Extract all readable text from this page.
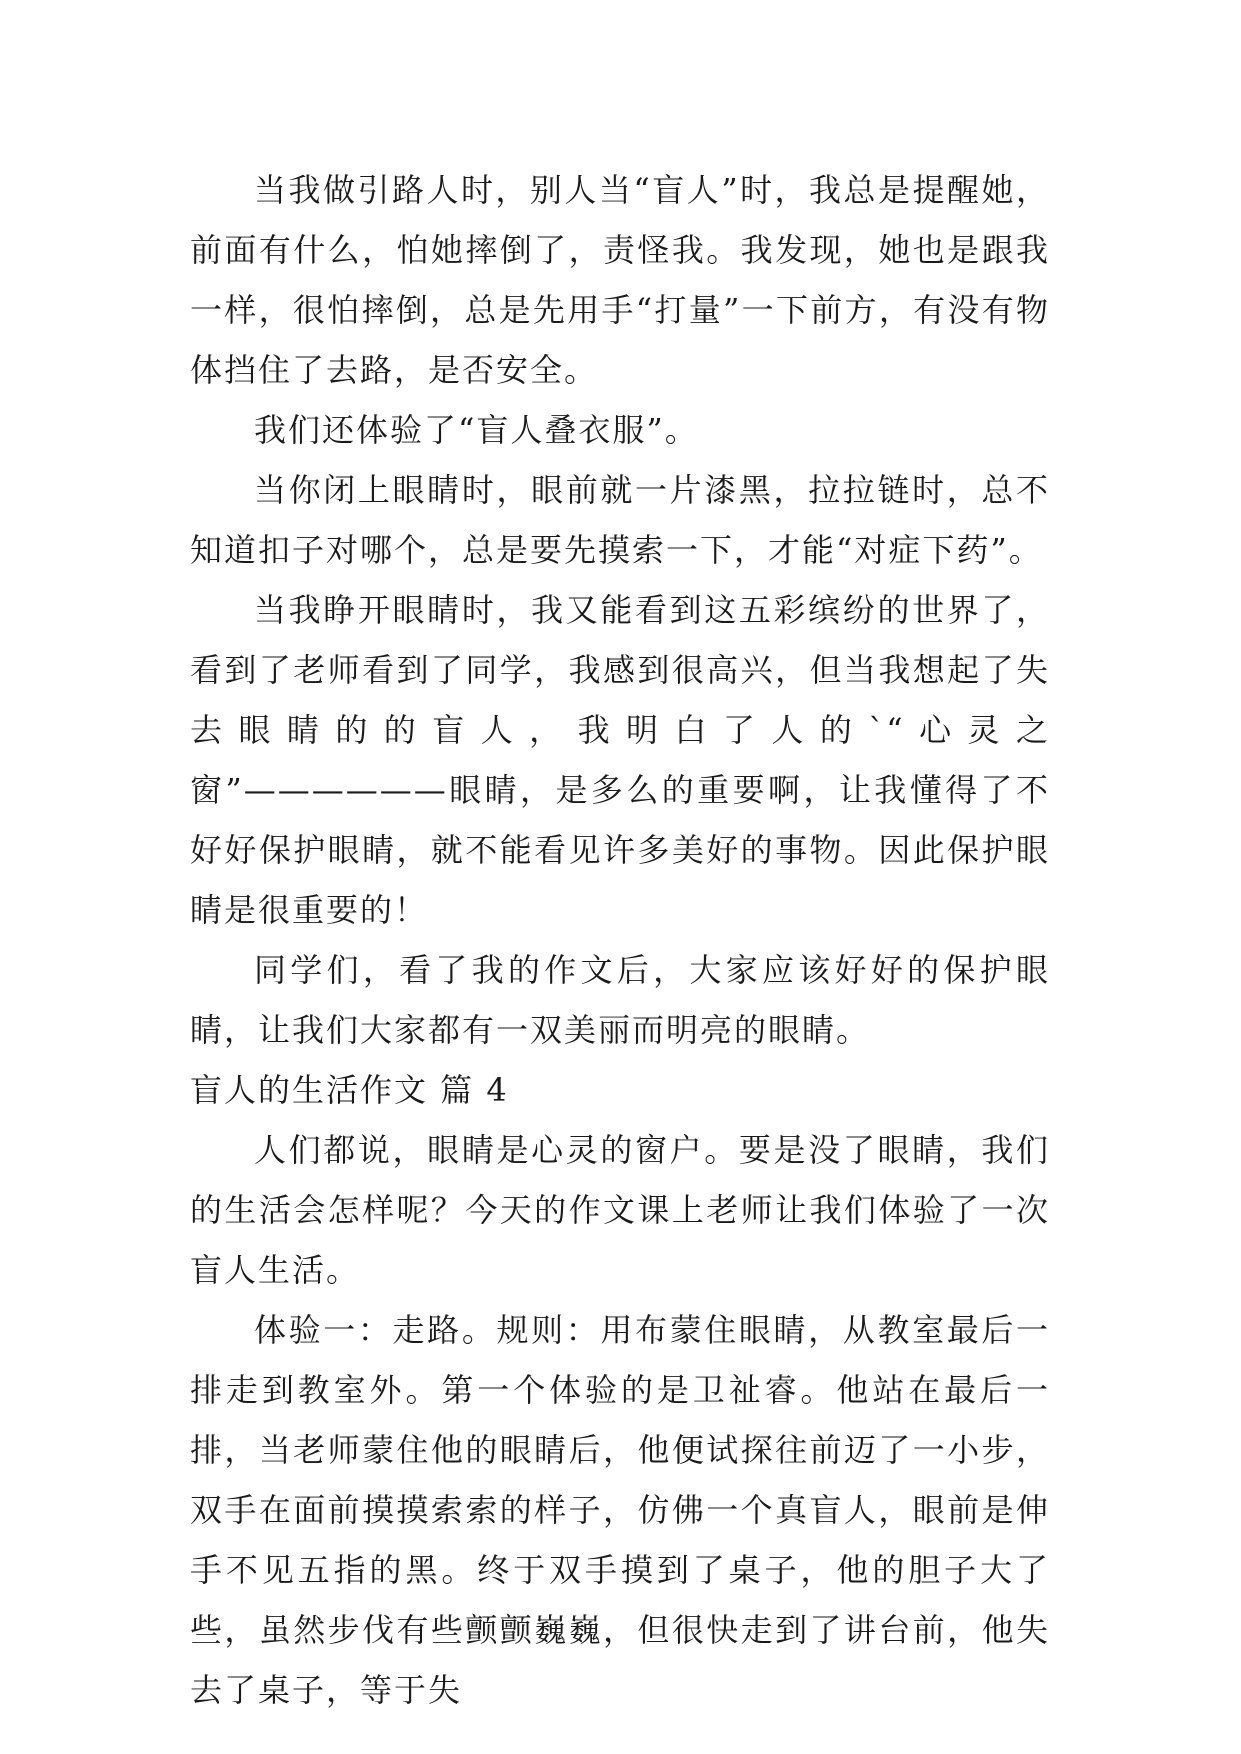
当我做引路人时，别人当“盲人”时，我总是提醒她，前面有什么，怕她摔倒了，责怪我。我发现，她也是跟我一样，很怕摔倒，总是先用手“打量”一下前方，有没有物体挡住了去路，是否安全。

我们还体验了“盲人叠衣服”。

当你闭上眼睛时，眼前就一片漆黑，拉拉链时，总不知道扣子对哪个，总是要先摸索一下，才能“对症下药”。

当我睁开眼睛时，我又能看到这五彩缤纷的世界了，看到了老师看到了同学，我感到很高兴，但当我想起了失去眼睛的的盲人，我明白了人的`“心灵之窗”——————眼睛，是多么的重要啊，让我懂得了不好好保护眼睛，就不能看见许多美好的事物。因此保护眼睛是很重要的！

同学们，看了我的作文后，大家应该好好的保护眼睛，让我们大家都有一双美丽而明亮的眼睛。

盲人的生活作文 篇 4

人们都说，眼睛是心灵的窗户。要是没了眼睛，我们的生活会怎样呢？今天的作文课上老师让我们体验了一次盲人生活。

体验一：走路。规则：用布蒙住眼睛，从教室最后一排走到教室外。第一个体验的是卫祉睿。他站在最后一排，当老师蒙住他的眼睛后，他便试探往前迈了一小步，双手在面前摸摸索索的样子，仿佛一个真盲人，眼前是伸手不见五指的黑。终于双手摸到了桌子，他的胆子大了些，虽然步伐有些颤颤巍巍，但很快走到了讲台前，他失去了桌子，等于失
